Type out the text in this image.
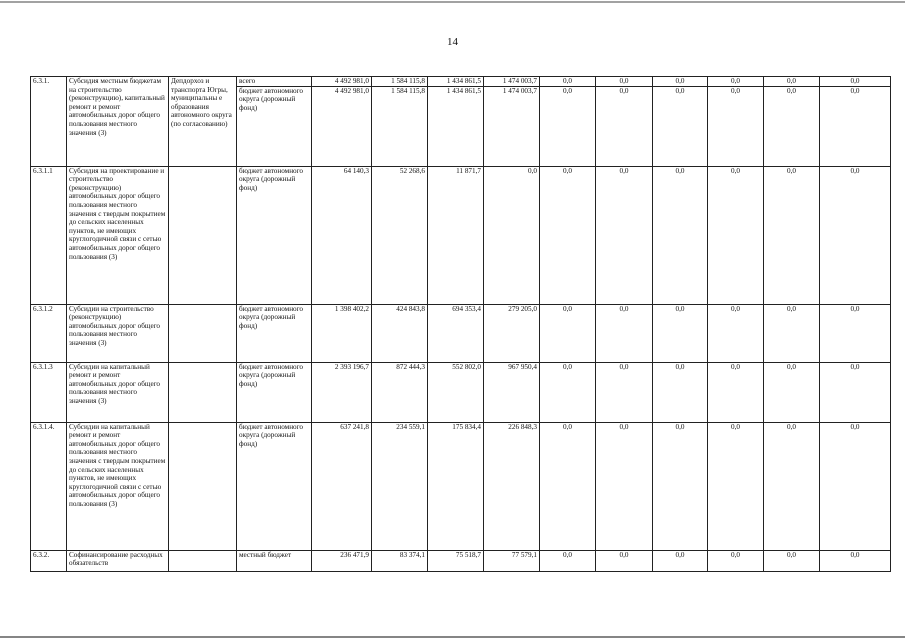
14
6.3.1.	Субсидия местным бюджетам на строительство (реконструкцию), капитальный ремонт и ремонт автомобильных дорог общего пользования местного значения (3)	Депдорхоз и транспорта Югры, муниципальны е образования автономного округа (по согласованию)	всего	4 492 981,0	1 584 115,8	1 434 861,5	1 474 003,7	0,0	0,0	0,0	0,0	0,0	0,0
			бюджет автономного округа (дорожный фонд)	4 492 981,0	1 584 115,8	1 434 861,5	1 474 003,7	0,0	0,0	0,0	0,0	0,0	0,0
6.3.1.1	Субсидия на проектирование и строительство (реконструкцию) автомобильных дорог общего пользования местного значения с твердым покрытием до сельских населенных пунктов, не имеющих круглогодичной связи с сетью автомобильных дорог общего пользования (3)		бюджет автономного округа (дорожный фонд)	64 140,3	52 268,6	11 871,7	0,0	0,0	0,0	0,0	0,0	0,0	0,0
6.3.1.2	Субсидии на строительство (реконструкцию) автомобильных дорог общего пользования местного значения (3)		бюджет автономного округа (дорожный фонд)	1 398 402,2	424 843,8	694 353,4	279 205,0	0,0	0,0	0,0	0,0	0,0	0,0
6.3.1.3	Субсидии на капитальный ремонт и ремонт автомобильных дорог общего пользования местного значения (3)		бюджет автономного округа (дорожный фонд)	2 393 196,7	872 444,3	552 802,0	967 950,4	0,0	0,0	0,0	0,0	0,0	0,0
6.3.1.4.	Субсидии на капитальный ремонт и ремонт автомобильных дорог общего пользования местного значения с твердым покрытием до сельских населенных пунктов, не имеющих круглогодичной связи с сетью автомобильных дорог общего пользования (3)		бюджет автономного округа (дорожный фонд)	637 241,8	234 559,1	175 834,4	226 848,3	0,0	0,0	0,0	0,0	0,0	0,0
6.3.2.	Софинансирование расходных обязательств		местный бюджет	236 471,9	83 374,1	75 518,7	77 579,1	0,0	0,0	0,0	0,0	0,0	0,0
